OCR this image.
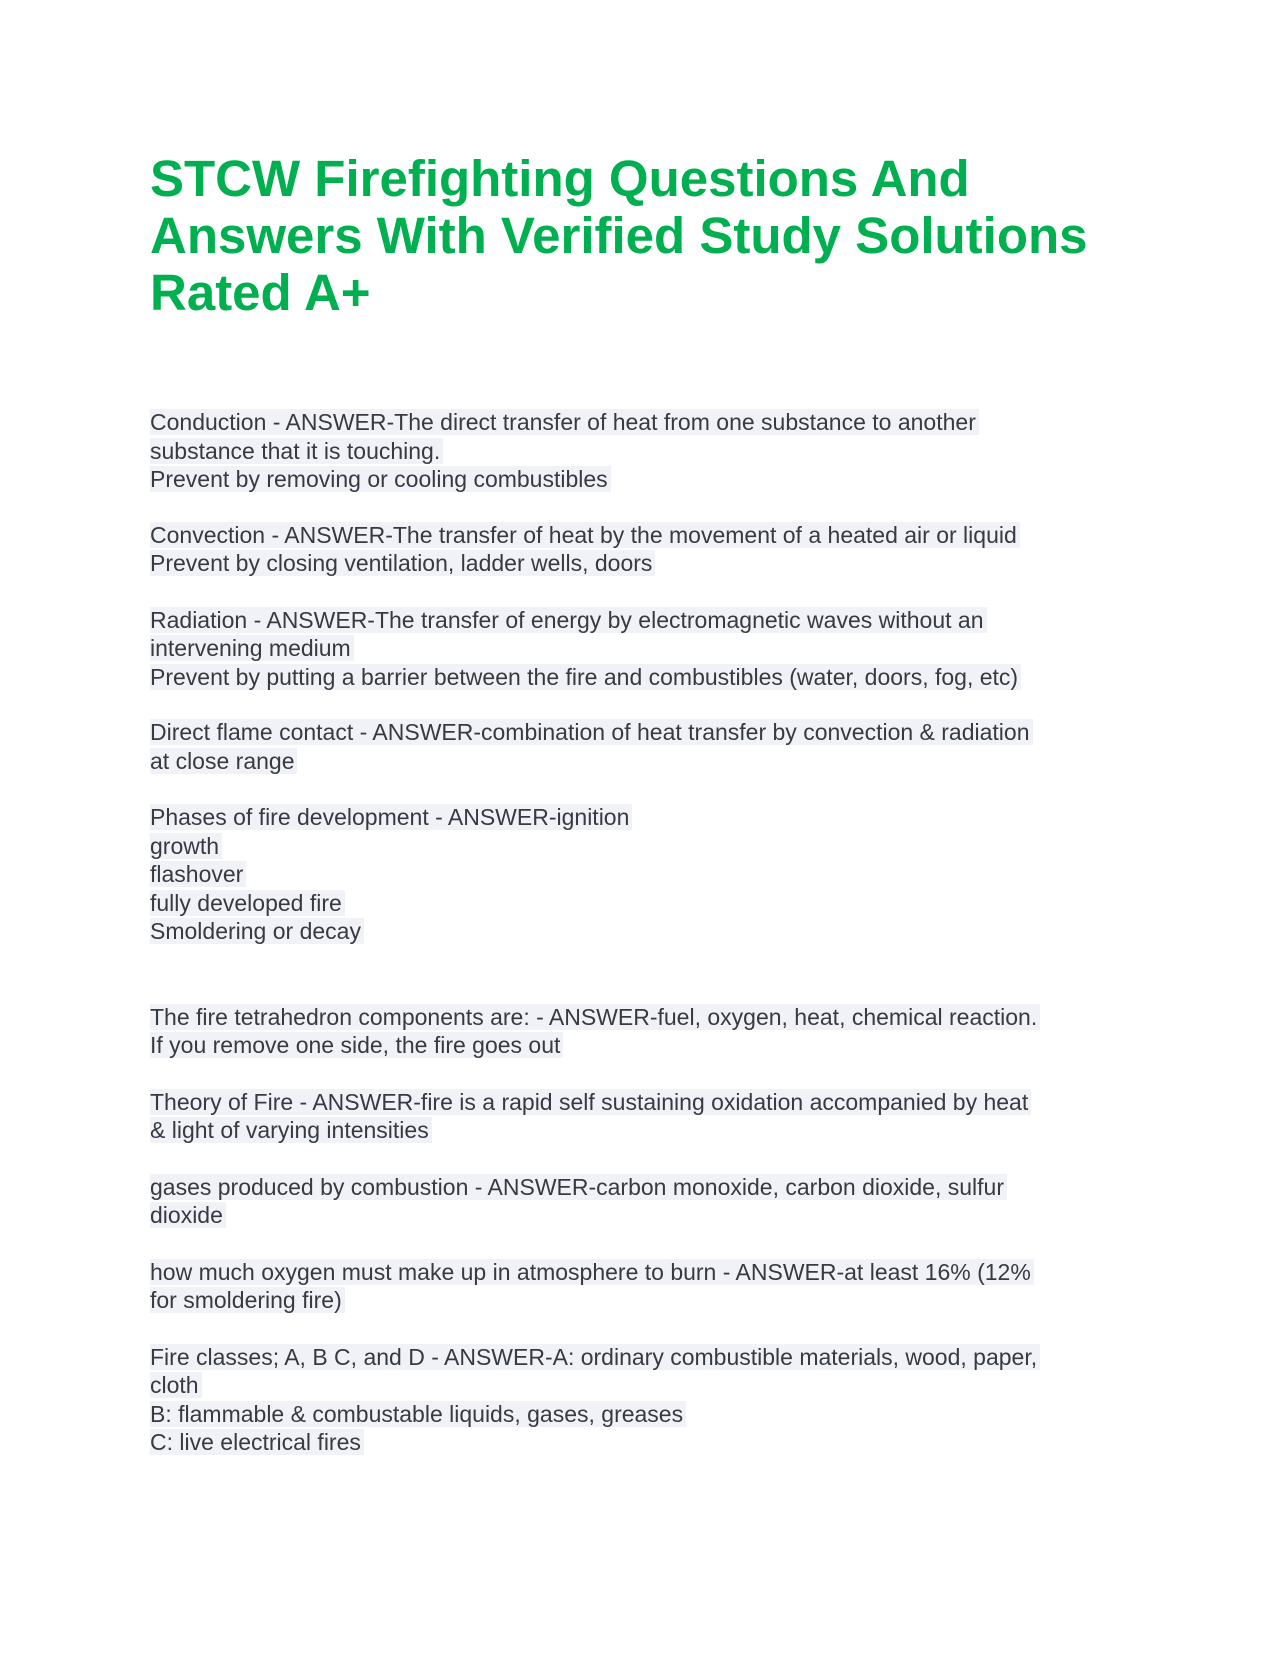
STCW Firefighting Questions And
Answers With Verified Study Solutions
Rated A+
Conduction - ANSWER-The direct transfer of heat from one substance to another
substance that it is touching.
Prevent by removing or cooling combustibles
Convection - ANSWER-The transfer of heat by the movement of a heated air or liquid
Prevent by closing ventilation, ladder wells, doors
Radiation - ANSWER-The transfer of energy by electromagnetic waves without an
intervening medium
Prevent by putting a barrier between the fire and combustibles (water, doors, fog, etc)
Direct flame contact - ANSWER-combination of heat transfer by convection & radiation
at close range
Phases of fire development - ANSWER-ignition
growth
flashover
fully developed fire
Smoldering or decay
The fire tetrahedron components are: - ANSWER-fuel, oxygen, heat, chemical reaction.
If you remove one side, the fire goes out
Theory of Fire - ANSWER-fire is a rapid self sustaining oxidation accompanied by heat
& light of varying intensities
gases produced by combustion - ANSWER-carbon monoxide, carbon dioxide, sulfur
dioxide
how much oxygen must make up in atmosphere to burn - ANSWER-at least 16% (12%
for smoldering fire)
Fire classes; A, B C, and D - ANSWER-A: ordinary combustible materials, wood, paper,
cloth
B: flammable & combustable liquids, gases, greases
C: live electrical fires
